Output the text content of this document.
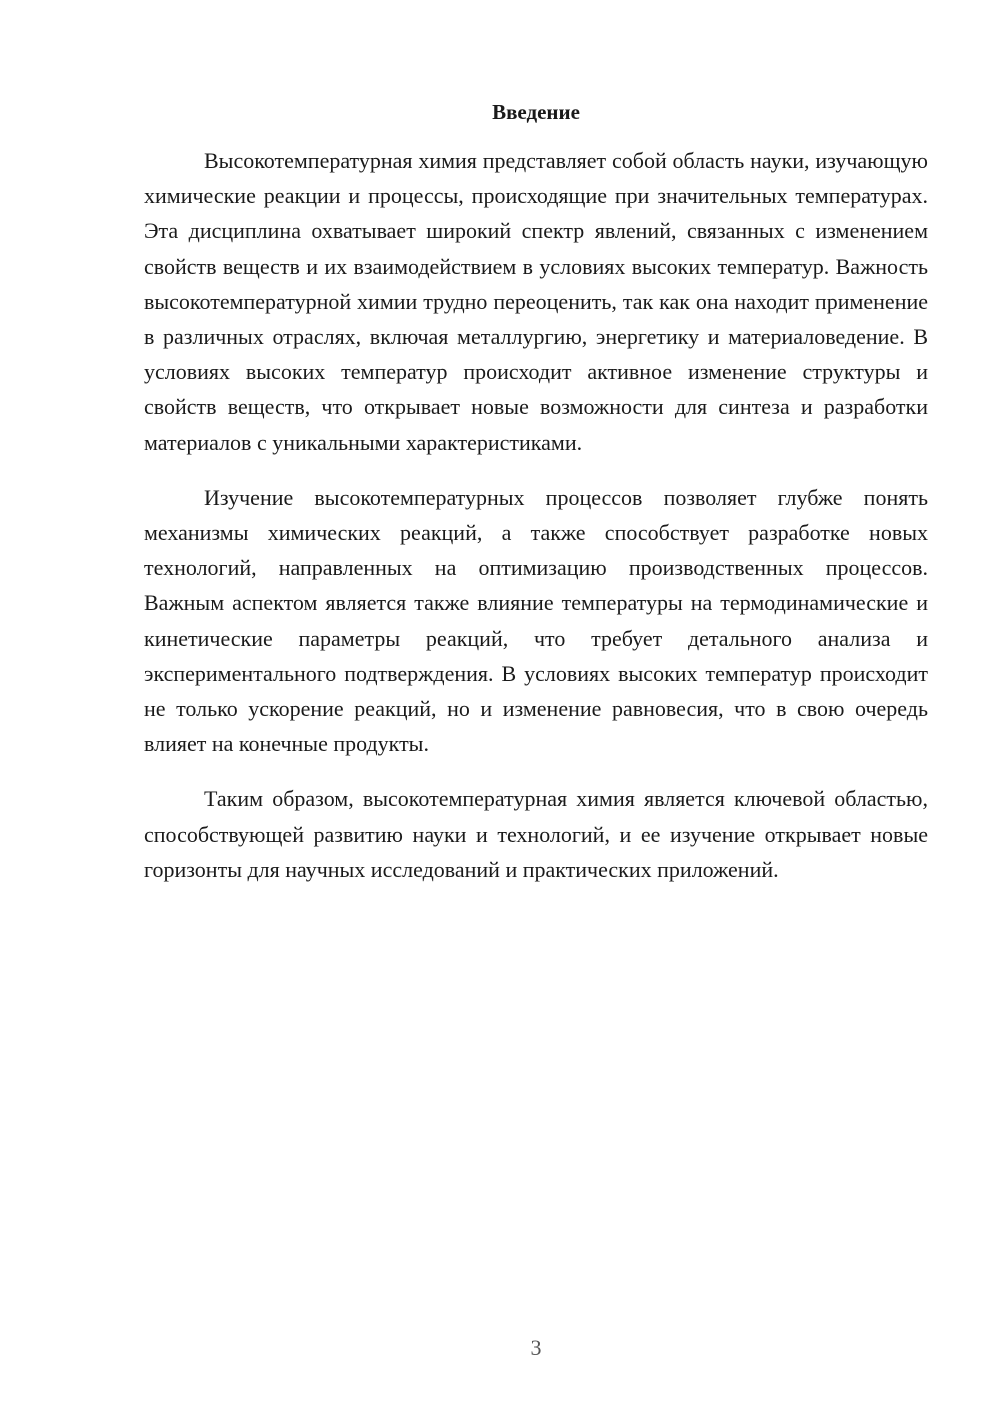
Введение

Высокотемпературная химия представляет собой область науки, изучающую химические реакции и процессы, происходящие при значительных температурах. Эта дисциплина охватывает широкий спектр явлений, связанных с изменением свойств веществ и их взаимодействием в условиях высоких температур. Важность высокотемпературной химии трудно переоценить, так как она находит применение в различных отраслях, включая металлургию, энергетику и материаловедение. В условиях высоких температур происходит активное изменение структуры и свойств веществ, что открывает новые возможности для синтеза и разработки материалов с уникальными характеристиками.

Изучение высокотемпературных процессов позволяет глубже понять механизмы химических реакций, а также способствует разработке новых технологий, направленных на оптимизацию производственных процессов. Важным аспектом является также влияние температуры на термодинамические и кинетические параметры реакций, что требует детального анализа и экспериментального подтверждения. В условиях высоких температур происходит не только ускорение реакций, но и изменение равновесия, что в свою очередь влияет на конечные продукты.

Таким образом, высокотемпературная химия является ключевой областью, способствующей развитию науки и технологий, и ее изучение открывает новые горизонты для научных исследований и практических приложений.

3
